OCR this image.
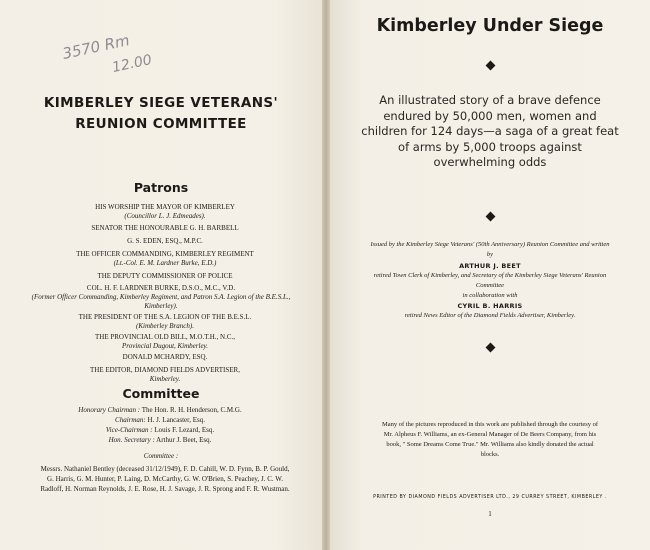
3570 Rm
12.00
KIMBERLEY SIEGE VETERANS'
REUNION COMMITTEE
Patrons
HIS WORSHIP THE MAYOR OF KIMBERLEY
(Councillor L. J. Edmeades).
SENATOR THE HONOURABLE G. H. BARBELL
G. S. EDEN, ESQ., M.P.C.
THE OFFICER COMMANDING, KIMBERLEY REGIMENT
(Lt.-Col. E. M. Lardner Burke, E.D.)
THE DEPUTY COMMISSIONER OF POLICE
COL. H. F. LARDNER BURKE, D.S.O., M.C., V.D.
(Former Officer Commanding, Kimberley Regiment, and Patron S.A. Legion of the B.E.S.L., Kimberley).
THE PRESIDENT OF THE S.A. LEGION OF THE B.E.S.L.
(Kimberley Branch).
THE PROVINCIAL OLD BILL, M.O.T.H., N.C.,
Provincial Dugout, Kimberley.
DONALD MCHARDY, ESQ.
THE EDITOR, DIAMOND FIELDS ADVERTISER,
Kimberley.
Committee
Honorary Chairman : The Hon. R. H. Henderson, C.M.G.
Chairman: H. J. Lancaster, Esq.
Vice-Chairman : Louis F. Lezard, Esq.
Hon. Secretary : Arthur J. Beet, Esq.
Committee :
Messrs. Nathaniel Bentley (deceased 31/12/1949), F. D. Cahill, W. D. Fynn, B. P. Gould, G. Harris, G. M. Hunter, P. Laing, D. McCarthy, G. W. O'Brien, S. Peachey, J. C. W. Radloff, H. Norman Reynolds, J. E. Rose, H. J. Savage, J. R. Sprong and F. R. Wustman.
Kimberley Under Siege
An illustrated story of a brave defence endured by 50,000 men, women and children for 124 days—a saga of a great feat of arms by 5,000 troops against overwhelming odds
Issued by the Kimberley Siege Veterans' (50th Anniversary) Reunion Committee and written by
ARTHUR J. BEET
retired Town Clerk of Kimberley, and Secretary of the Kimberley Siege Veterans' Reunion Committee
in collaboration with
CYRIL B. HARRIS
retired News Editor of the Diamond Fields Advertiser, Kimberley.
Many of the pictures reproduced in this work are published through the courtesy of Mr. Alpheus F. Williams, an ex-General Manager of De Beers Company, from his book, " Some Dreams Come True." Mr. Williams also kindly donated the actual blocks.
PRINTED BY DIAMOND FIELDS ADVERTISER LTD., 29 CURREY STREET, KIMBERLEY .
1
